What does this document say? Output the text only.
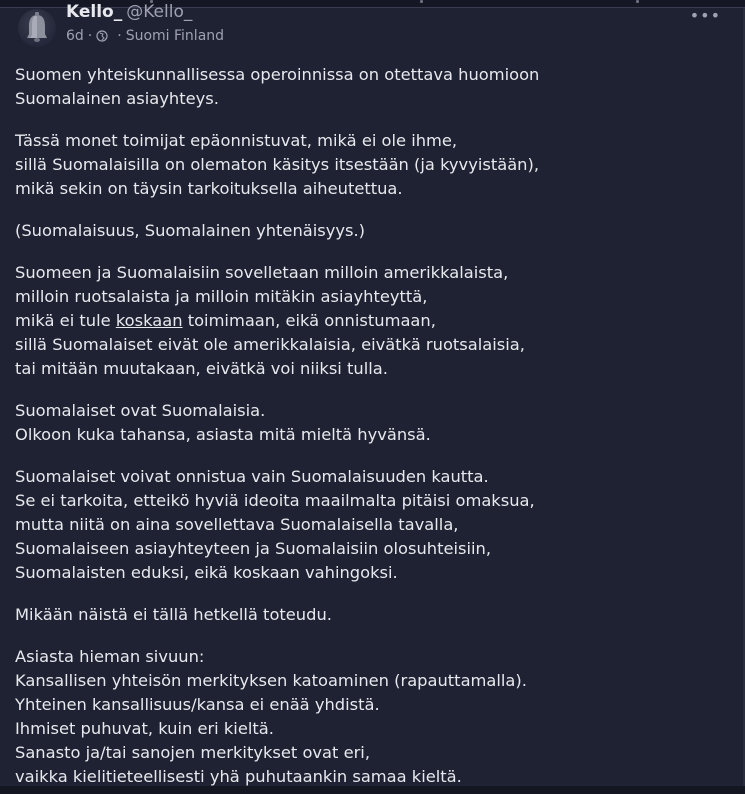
Kello_ @Kello_
6d · · Suomi Finland
•••
Suomen yhteiskunnallisessa operoinnissa on otettava huomioon
Suomalainen asiayhteys.
Tässä monet toimijat epäonnistuvat, mikä ei ole ihme,
sillä Suomalaisilla on olematon käsitys itsestään (ja kyvyistään),
mikä sekin on täysin tarkoituksella aiheutettua.
(Suomalaisuus, Suomalainen yhtenäisyys.)
Suomeen ja Suomalaisiin sovelletaan milloin amerikkalaista,
milloin ruotsalaista ja milloin mitäkin asiayhteyttä,
mikä ei tule koskaan toimimaan, eikä onnistumaan,
sillä Suomalaiset eivät ole amerikkalaisia, eivätkä ruotsalaisia,
tai mitään muutakaan, eivätkä voi niiksi tulla.
Suomalaiset ovat Suomalaisia.
Olkoon kuka tahansa, asiasta mitä mieltä hyvänsä.
Suomalaiset voivat onnistua vain Suomalaisuuden kautta.
Se ei tarkoita, etteikö hyviä ideoita maailmalta pitäisi omaksua,
mutta niitä on aina sovellettava Suomalaisella tavalla,
Suomalaiseen asiayhteyteen ja Suomalaisiin olosuhteisiin,
Suomalaisten eduksi, eikä koskaan vahingoksi.
Mikään näistä ei tällä hetkellä toteudu.
Asiasta hieman sivuun:
Kansallisen yhteisön merkityksen katoaminen (rapauttamalla).
Yhteinen kansallisuus/kansa ei enää yhdistä.
Ihmiset puhuvat, kuin eri kieltä.
Sanasto ja/tai sanojen merkitykset ovat eri,
vaikka kielitieteellisesti yhä puhutaankin samaa kieltä.
